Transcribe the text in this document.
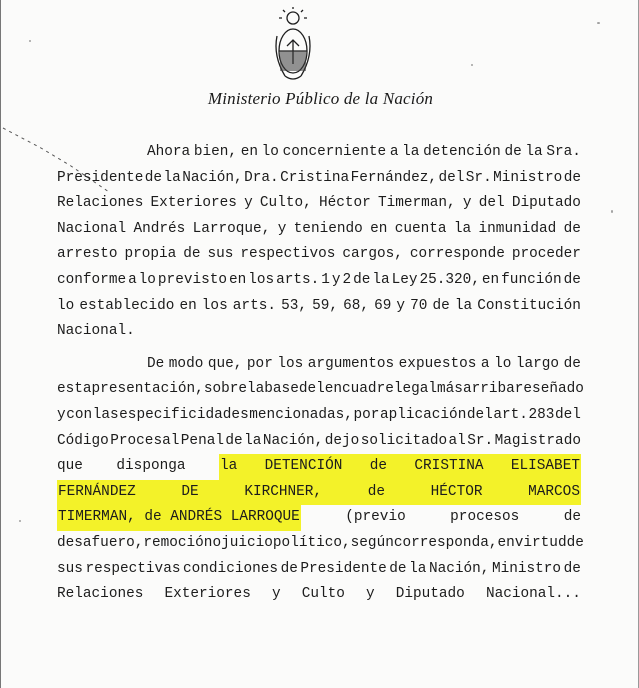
Ministerio Público de la Nación
Ahora bien, en lo concerniente a la detención de la Sra.
Presidente de la Nación, Dra. Cristina Fernández, del Sr. Ministro de
Relaciones Exteriores y Culto, Héctor Timerman, y del Diputado
Nacional Andrés Larroque, y teniendo en cuenta la inmunidad de
arresto propia de sus respectivos cargos, corresponde proceder
conforme a lo previsto en los arts. 1 y 2 de la Ley 25.320, en función de
lo establecido en los arts. 53, 59, 68, 69 y 70 de la Constitución
Nacional.
De modo que, por los argumentos expuestos a lo largo de
esta presentación, sobre la base del encuadre legal más arriba reseñado
y con las especificidades mencionadas, por aplicación del art. 283 del
Código Procesal Penal de la Nación, dejo solicitado al Sr. Magistrado
que disponga la DETENCIÓN de CRISTINA ELISABET
FERNÁNDEZ	DE	KIRCHNER,	de	HÉCTOR	MARCOS
TIMERMAN, de ANDRÉS LARROQUE	(previo	procesos	de
desafuero, remoción o juicio político, según corresponda, en virtud de
sus respectivas condiciones de Presidente de la Nación, Ministro de
Relaciones Exteriores y Culto y Diputado Nacional...
